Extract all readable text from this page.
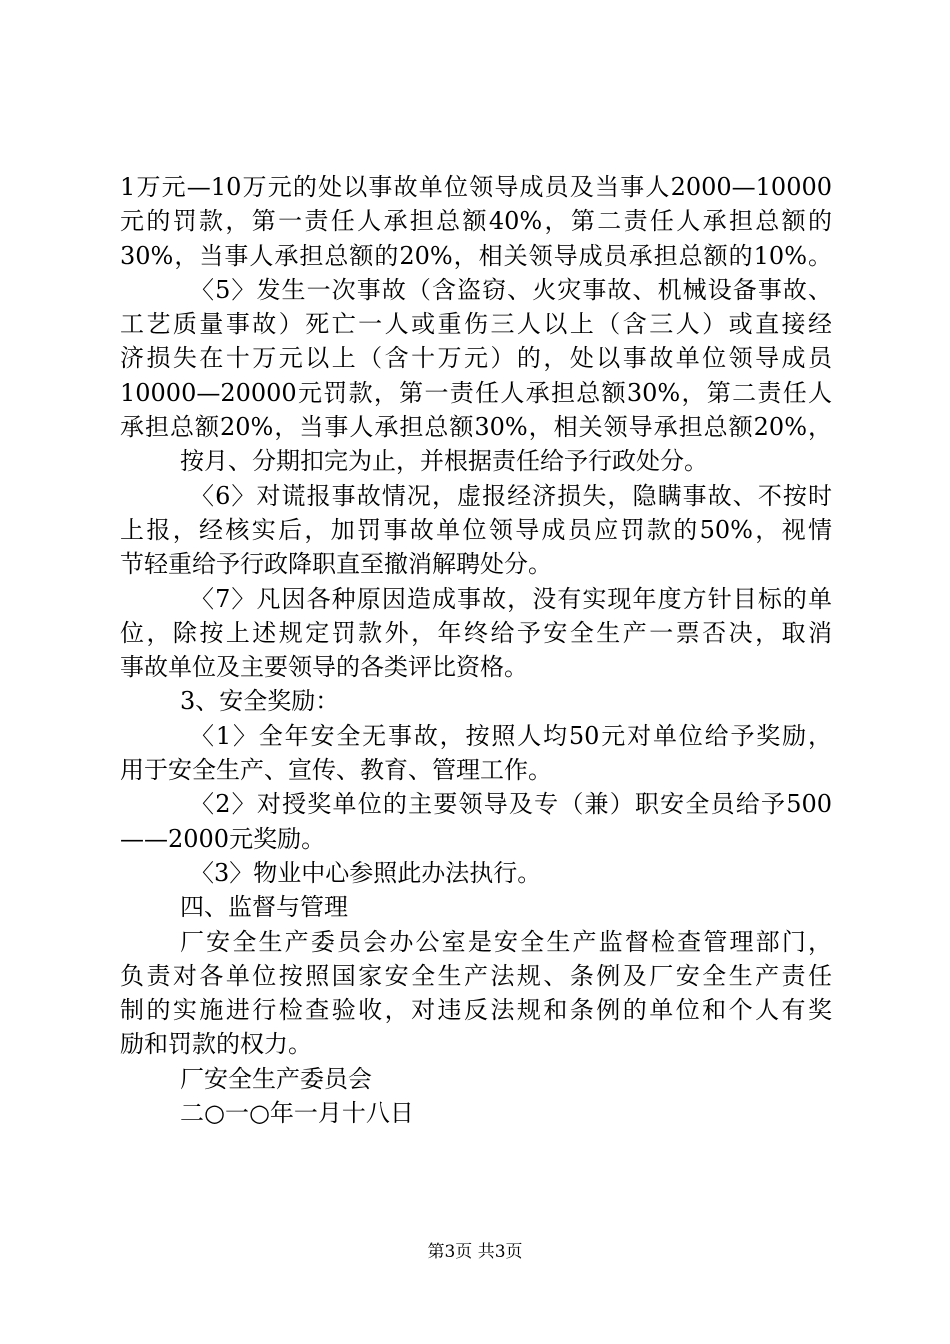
1万元—10万元的处以事故单位领导成员及当事人2000—10000
元的罚款，第一责任人承担总额40%，第二责任人承担总额的
30%，当事人承担总额的20%，相关领导成员承担总额的10%。
〈5〉发生一次事故（含盗窃、火灾事故、机械设备事故、
工艺质量事故）死亡一人或重伤三人以上（含三人）或直接经
济损失在十万元以上（含十万元）的，处以事故单位领导成员
10000—20000元罚款，第一责任人承担总额30%，第二责任人
承担总额20%，当事人承担总额30%，相关领导承担总额20%，
按月、分期扣完为止，并根据责任给予行政处分。
〈6〉对谎报事故情况，虚报经济损失，隐瞒事故、不按时
上报，经核实后，加罚事故单位领导成员应罚款的50%，视情
节轻重给予行政降职直至撤消解聘处分。
〈7〉凡因各种原因造成事故，没有实现年度方针目标的单
位，除按上述规定罚款外，年终给予安全生产一票否决，取消
事故单位及主要领导的各类评比资格。
3、安全奖励：
〈1〉全年安全无事故，按照人均50元对单位给予奖励，
用于安全生产、宣传、教育、管理工作。
〈2〉对授奖单位的主要领导及专（兼）职安全员给予500
——2000元奖励。
〈3〉物业中心参照此办法执行。
四、监督与管理
厂安全生产委员会办公室是安全生产监督检查管理部门，
负责对各单位按照国家安全生产法规、条例及厂安全生产责任
制的实施进行检查验收，对违反法规和条例的单位和个人有奖
励和罚款的权力。
厂安全生产委员会
二○一○年一月十八日
第3页 共3页
